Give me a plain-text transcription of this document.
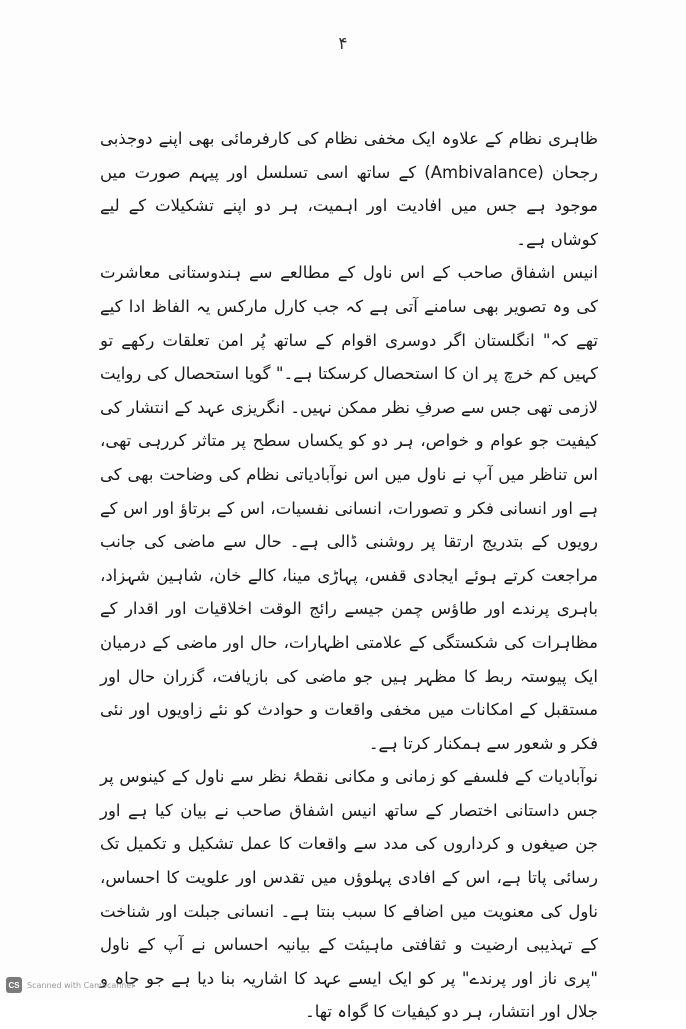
۴

ظاہری نظام کے علاوہ ایک مخفی نظام کی کارفرمائی بھی اپنے دوجذبی رجحان (Ambivalance) کے ساتھ اسی تسلسل اور پیہم صورت میں موجود ہے جس میں افادیت اور اہمیت، ہر دو اپنے تشکیلات کے لیے کوشاں ہے۔

انیس اشفاق صاحب کے اس ناول کے مطالعے سے ہندوستانی معاشرت کی وہ تصویر بھی سامنے آتی ہے کہ جب کارل مارکس یہ الفاظ ادا کیے تھے کہ" انگلستان اگر دوسری اقوام کے ساتھ پُر امن تعلقات رکھے تو کہیں کم خرچ پر ان کا استحصال کرسکتا ہے۔" گویا استحصال کی روایت لازمی تھی جس سے صرفِ نظر ممکن نہیں۔ انگریزی عہد کے انتشار کی کیفیت جو عوام و خواص، ہر دو کو یکساں سطح پر متاثر کررہی تھی، اس تناظر میں آپ نے ناول میں اس نوآبادیاتی نظام کی وضاحت بھی کی ہے اور انسانی فکر و تصورات، انسانی نفسیات، اس کے برتاؤ اور اس کے رویوں کے بتدریج ارتقا پر روشنی ڈالی ہے۔ حال سے ماضی کی جانب مراجعت کرتے ہوئے ایجادی قفس، پہاڑی مینا، کالے خان، شاہین شہزاد، باہری پرندے اور طاؤس چمن جیسے رائج الوقت اخلاقیات اور اقدار کے مظاہرات کی شکستگی کے علامتی اظہارات، حال اور ماضی کے درمیان ایک پیوستہ ربط کا مظہر ہیں جو ماضی کی بازیافت، گزران حال اور مستقبل کے امکانات میں مخفی واقعات و حوادث کو نئے زاویوں اور نئی فکر و شعور سے ہمکنار کرتا ہے۔

نوآبادیات کے فلسفے کو زمانی و مکانی نقطۂ نظر سے ناول کے کینوس پر جس داستانی اختصار کے ساتھ انیس اشفاق صاحب نے بیان کیا ہے اور جن صیغوں و کرداروں کی مدد سے واقعات کا عمل تشکیل و تکمیل تک رسائی پاتا ہے، اس کے افادی پہلوؤں میں تقدس اور علویت کا احساس، ناول کی معنویت میں اضافے کا سبب بنتا ہے۔ انسانی جبلت اور شناخت کے تہذیبی ارضیت و ثقافتی ماہیئت کے بیانیہ احساس نے آپ کے ناول "پری ناز اور پرندے" پر کو ایک ایسے عہد کا اشاریہ بنا دیا ہے جو جاہ و جلال اور انتشار، ہر دو کیفیات کا گواہ تھا۔

CS Scanned with CamScanner
